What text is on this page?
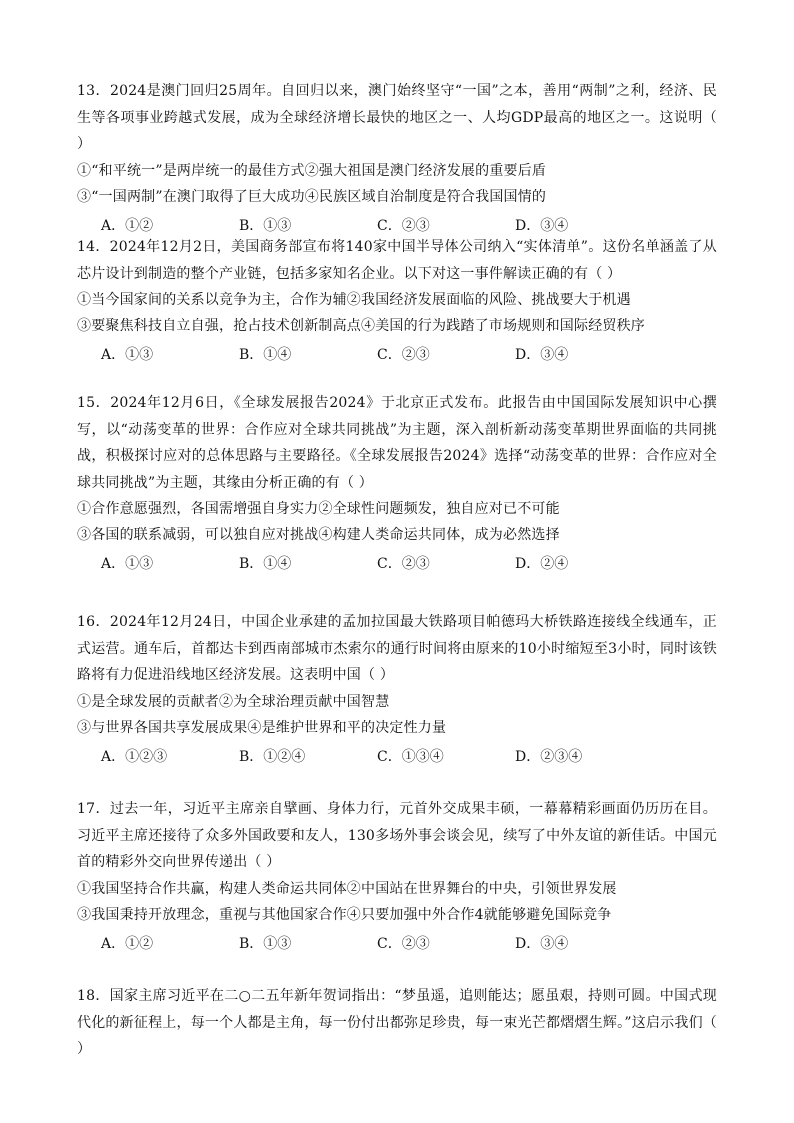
13．2024是澳门回归25周年。自回归以来，澳门始终坚守“一国”之本，善用“两制”之利，经济、民生等各项事业跨越式发展，成为全球经济增长最快的地区之一、人均GDP最高的地区之一。这说明（ ）

①“和平统一”是两岸统一的最佳方式②强大祖国是澳门经济发展的重要后盾

③“一国两制”在澳门取得了巨大成功④民族区域自治制度是符合我国国情的

A．①②	B．①③	C．②③	D．③④

14．2024年12月2日，美国商务部宣布将140家中国半导体公司纳入“实体清单”。这份名单涵盖了从芯片设计到制造的整个产业链，包括多家知名企业。以下对这一事件解读正确的有（ ）

①当今国家间的关系以竞争为主，合作为辅②我国经济发展面临的风险、挑战要大于机遇

③要聚焦科技自立自强，抢占技术创新制高点④美国的行为践踏了市场规则和国际经贸秩序

A．①③	B．①④	C．②③	D．③④

15．2024年12月6日，《全球发展报告2024》于北京正式发布。此报告由中国国际发展知识中心撰写，以“动荡变革的世界：合作应对全球共同挑战”为主题，深入剖析新动荡变革期世界面临的共同挑战，积极探讨应对的总体思路与主要路径。《全球发展报告2024》选择“动荡变革的世界：合作应对全球共同挑战”为主题，其缘由分析正确的有（ ）

①合作意愿强烈，各国需增强自身实力②全球性问题频发，独自应对已不可能

③各国的联系减弱，可以独自应对挑战④构建人类命运共同体，成为必然选择

A．①③	B．①④	C．②③	D．②④

16．2024年12月24日，中国企业承建的孟加拉国最大铁路项目帕德玛大桥铁路连接线全线通车，正式运营。通车后，首都达卡到西南部城市杰索尔的通行时间将由原来的10小时缩短至3小时，同时该铁路将有力促进沿线地区经济发展。这表明中国（ ）

①是全球发展的贡献者②为全球治理贡献中国智慧

③与世界各国共享发展成果④是维护世界和平的决定性力量

A．①②③	B．①②④	C．①③④	D．②③④

17．过去一年，习近平主席亲自擘画、身体力行，元首外交成果丰硕，一幕幕精彩画面仍历历在目。习近平主席还接待了众多外国政要和友人，130多场外事会谈会见，续写了中外友谊的新佳话。中国元首的精彩外交向世界传递出（ ）

①我国坚持合作共赢，构建人类命运共同体②中国站在世界舞台的中央，引领世界发展

③我国秉持开放理念，重视与其他国家合作④只要加强中外合作4就能够避免国际竞争

A．①②	B．①③	C．②③	D．③④

18．国家主席习近平在二○二五年新年贺词指出：“梦虽遥，追则能达；愿虽艰，持则可圆。中国式现代化的新征程上，每一个人都是主角，每一份付出都弥足珍贵，每一束光芒都熠熠生辉。”这启示我们（ ）
